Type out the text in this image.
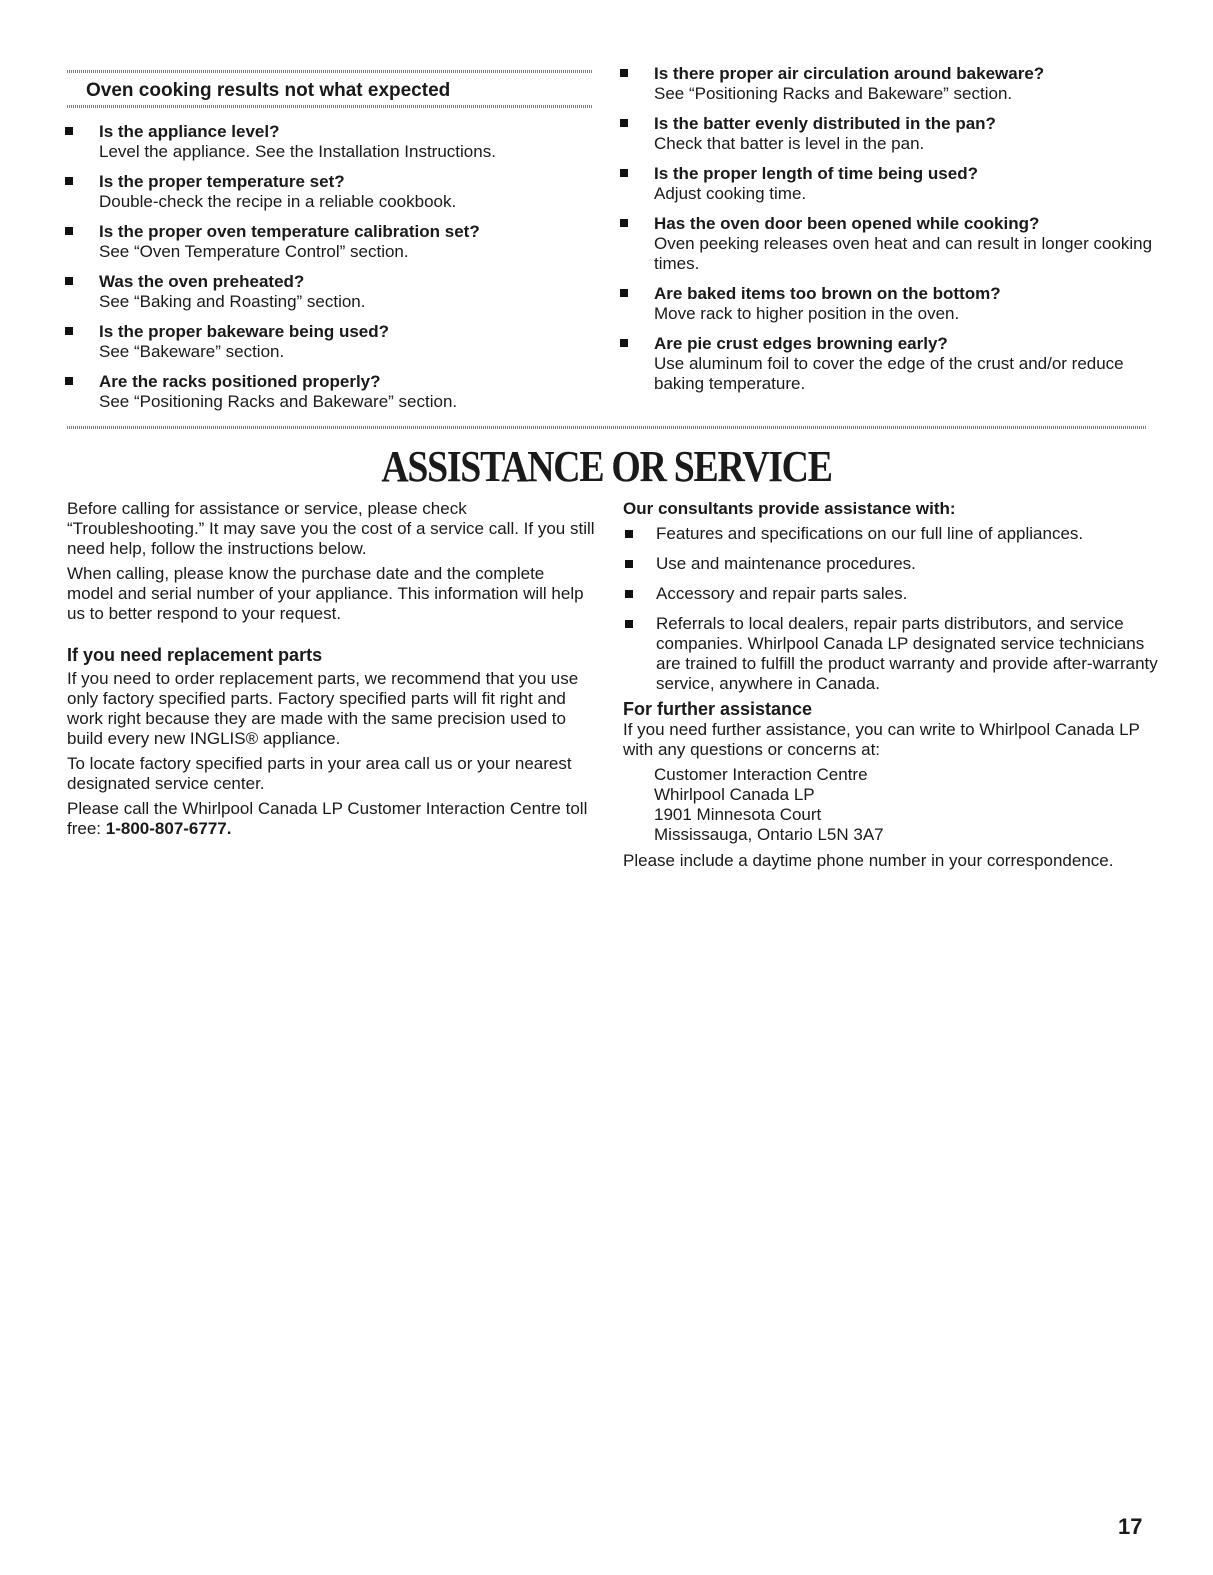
Oven cooking results not what expected
Is the appliance level?
Level the appliance. See the Installation Instructions.
Is the proper temperature set?
Double-check the recipe in a reliable cookbook.
Is the proper oven temperature calibration set?
See “Oven Temperature Control” section.
Was the oven preheated?
See “Baking and Roasting” section.
Is the proper bakeware being used?
See “Bakeware” section.
Are the racks positioned properly?
See “Positioning Racks and Bakeware” section.
Is there proper air circulation around bakeware?
See “Positioning Racks and Bakeware” section.
Is the batter evenly distributed in the pan?
Check that batter is level in the pan.
Is the proper length of time being used?
Adjust cooking time.
Has the oven door been opened while cooking?
Oven peeking releases oven heat and can result in longer cooking times.
Are baked items too brown on the bottom?
Move rack to higher position in the oven.
Are pie crust edges browning early?
Use aluminum foil to cover the edge of the crust and/or reduce baking temperature.
ASSISTANCE OR SERVICE

Before calling for assistance or service, please check “Troubleshooting.” It may save you the cost of a service call. If you still need help, follow the instructions below.

When calling, please know the purchase date and the complete model and serial number of your appliance. This information will help us to better respond to your request.

If you need replacement parts

If you need to order replacement parts, we recommend that you use only factory specified parts. Factory specified parts will fit right and work right because they are made with the same precision used to build every new INGLIS® appliance.

To locate factory specified parts in your area call us or your nearest designated service center.

Please call the Whirlpool Canada LP Customer Interaction Centre toll free: 1-800-807-6777.

Our consultants provide assistance with:
Features and specifications on our full line of appliances.
Use and maintenance procedures.
Accessory and repair parts sales.
Referrals to local dealers, repair parts distributors, and service companies. Whirlpool Canada LP designated service technicians are trained to fulfill the product warranty and provide after-warranty service, anywhere in Canada.
For further assistance

If you need further assistance, you can write to Whirlpool Canada LP with any questions or concerns at:

Customer Interaction Centre
Whirlpool Canada LP
1901 Minnesota Court
Mississauga, Ontario L5N 3A7

Please include a daytime phone number in your correspondence.

17
